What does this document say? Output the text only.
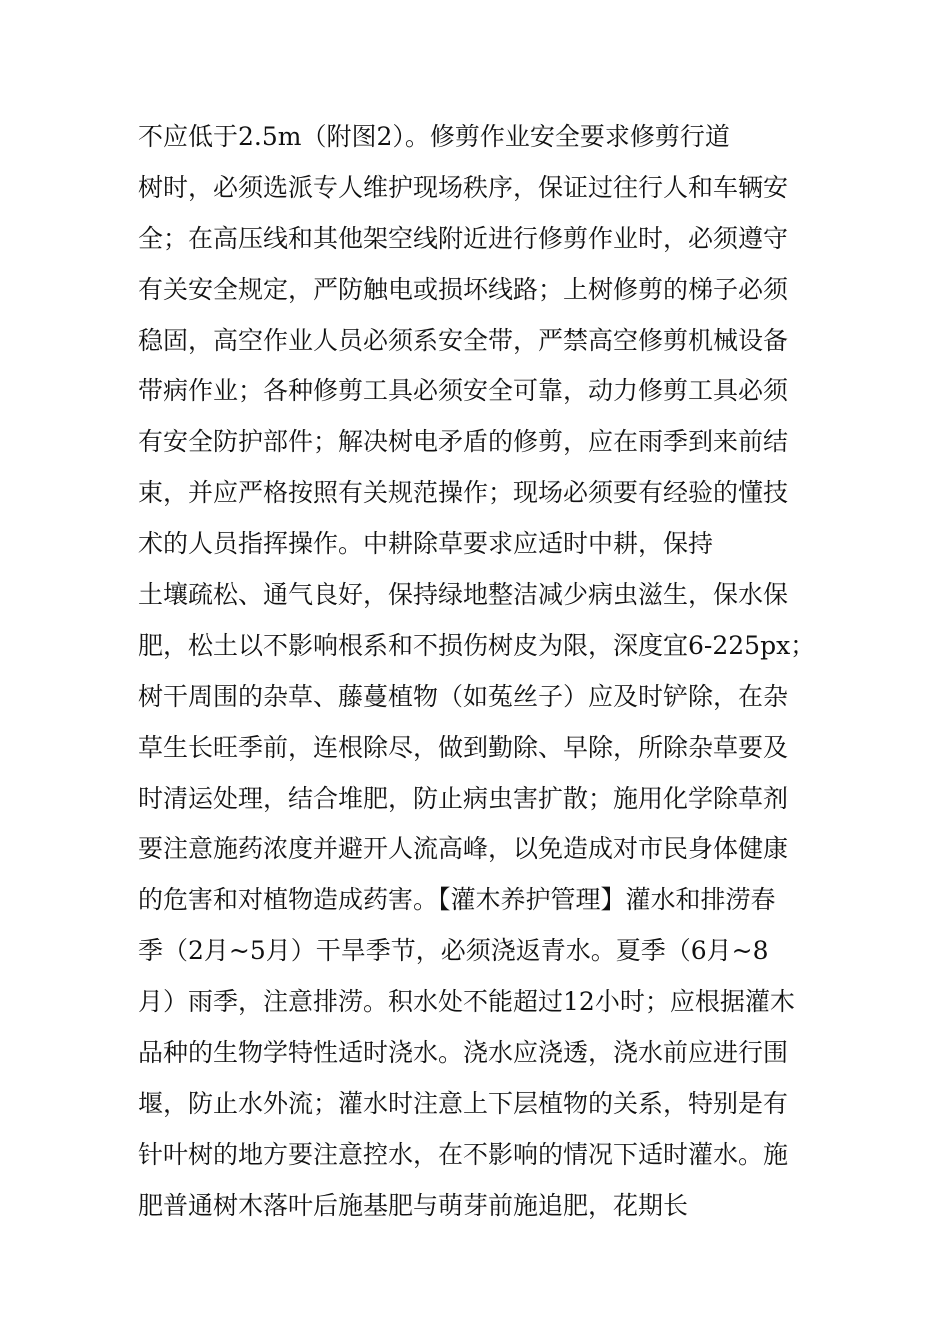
不应低于2.5m（附图2）。修剪作业安全要求修剪行道
树时，必须选派专人维护现场秩序，保证过往行人和车辆安
全；在高压线和其他架空线附近进行修剪作业时，必须遵守
有关安全规定，严防触电或损坏线路；上树修剪的梯子必须
稳固，高空作业人员必须系安全带，严禁高空修剪机械设备
带病作业；各种修剪工具必须安全可靠，动力修剪工具必须
有安全防护部件；解决树电矛盾的修剪，应在雨季到来前结
束，并应严格按照有关规范操作；现场必须要有经验的懂技
术的人员指挥操作。中耕除草要求应适时中耕，保持
土壤疏松、通气良好，保持绿地整洁减少病虫滋生，保水保
肥，松土以不影响根系和不损伤树皮为限，深度宜6-225px；
树干周围的杂草、藤蔓植物（如菟丝子）应及时铲除，在杂
草生长旺季前，连根除尽，做到勤除、早除，所除杂草要及
时清运处理，结合堆肥，防止病虫害扩散；施用化学除草剂
要注意施药浓度并避开人流高峰，以免造成对市民身体健康
的危害和对植物造成药害。【灌木养护管理】灌水和排涝春
季（2月~5月）干旱季节，必须浇返青水。夏季（6月~8
月）雨季，注意排涝。积水处不能超过12小时；应根据灌木
品种的生物学特性适时浇水。浇水应浇透，浇水前应进行围
堰，防止水外流；灌水时注意上下层植物的关系，特别是有
针叶树的地方要注意控水，在不影响的情况下适时灌水。施
肥普通树木落叶后施基肥与萌芽前施追肥，花期长
